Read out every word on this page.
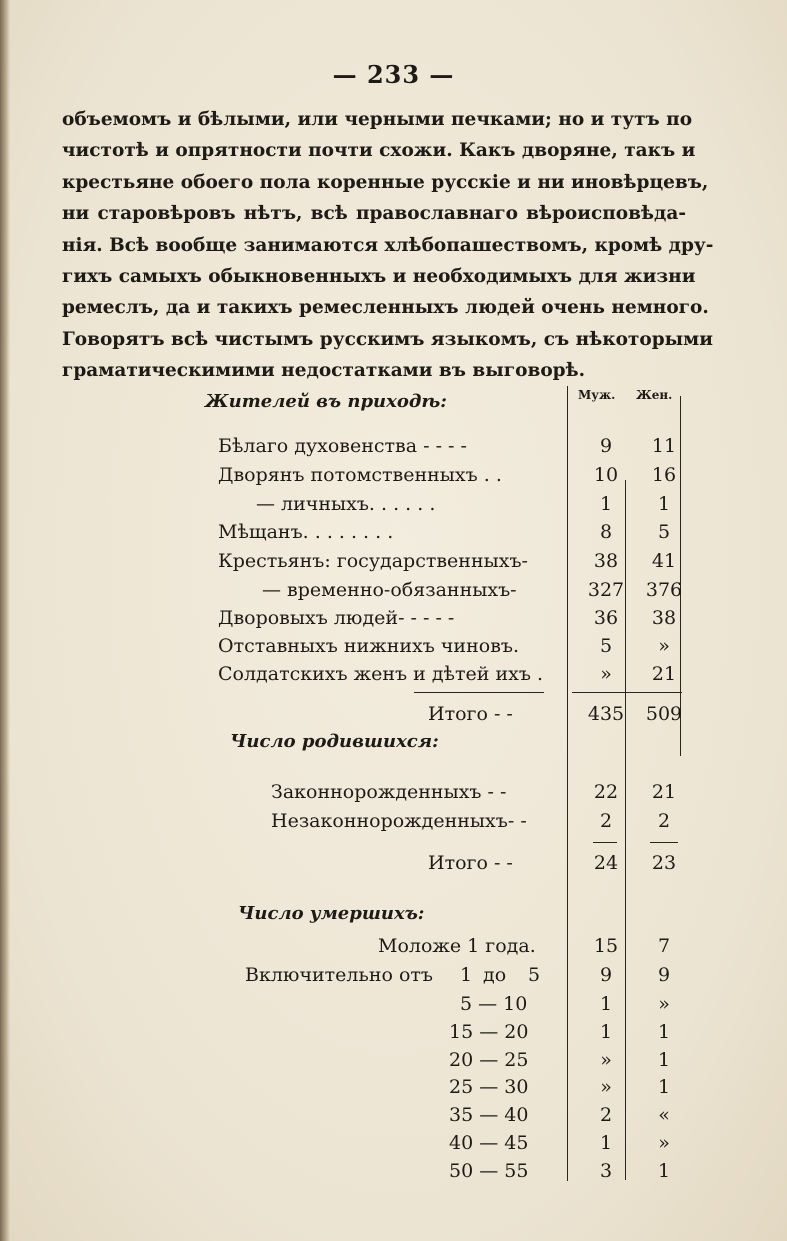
— 233 —
объемомъ и бѣлыми, или черными печками; но и тутъ по
чистотѣ и опрятности почти схожи. Какъ дворяне, такъ и
крестьяне обоего пола коренные русскіе и ни иновѣрцевъ,
ни старовѣровъ нѣтъ, всѣ православнаго вѣроисповѣда-
нія. Всѣ вообще занимаются хлѣбопашествомъ, кромѣ дру-
гихъ самыхъ обыкновенныхъ и необходимыхъ для жизни
ремеслъ, да и такихъ ремесленныхъ людей очень немного.
Говорятъ всѣ чистымъ русскимъ языкомъ, съ нѣкоторыми
граматическимими недостатками въ выговорѣ.
Муж. Жен.
Жителей въ приходѣ:
Бѣлаго духовенства - - - -	9	11
Дворянъ потомственныхъ . .	10	16
— личныхъ. . . . . .	1	1
Мѣщанъ. . . . . . . .	8	5
Крестьянъ: государственныхъ-	38	41
— временно-обязанныхъ-	327	376
Дворовыхъ людей- - - - -	36	38
Отставныхъ нижнихъ чиновъ.	5	»
Солдатскихъ женъ и дѣтей ихъ .	»	21
Итого - -	435	509
Число родившихся:
Законнорожденныхъ - -	22	21
Незаконнорожденныхъ- -	2	2
Итого - -	24	23
Число умершихъ:
Моложе 1 года.	15	7
Включительно отъ 1 до 5	9	9
5 — 10	1	»
15 — 20	1	1
20 — 25	»	1
25 — 30	»	1
35 — 40	2	«
40 — 45	1	»
50 — 55	3	1
